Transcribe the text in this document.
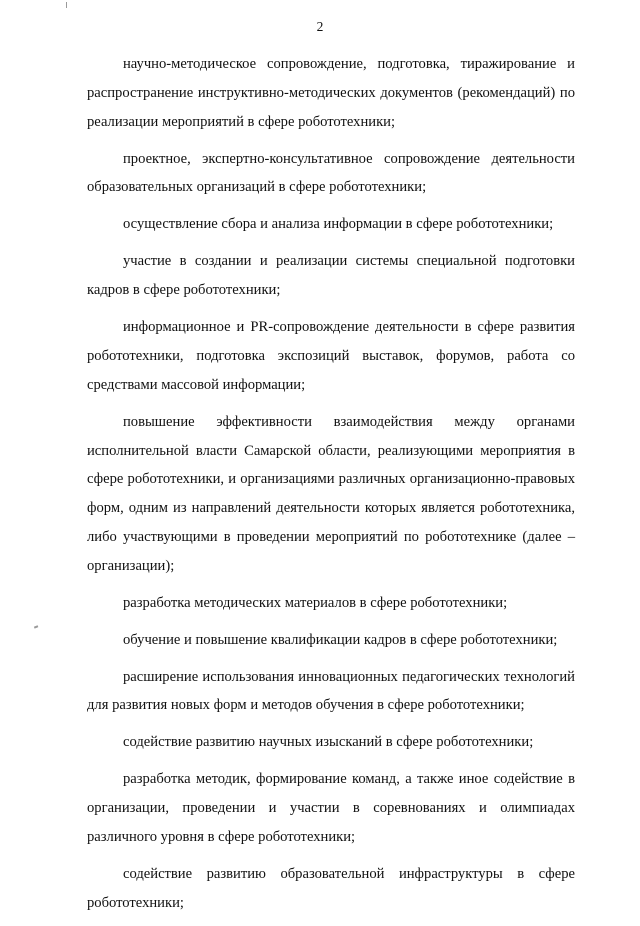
2

научно-методическое сопровождение, подготовка, тиражирование и распространение инструктивно-методических документов (рекомендаций) по реализации мероприятий в сфере робототехники;

проектное, экспертно-консультативное сопровождение деятельности образовательных организаций в сфере робототехники;

осуществление сбора и анализа информации в сфере робототехники;

участие в создании и реализации системы специальной подготовки кадров в сфере робототехники;

информационное и PR-сопровождение деятельности в сфере развития робототехники, подготовка экспозиций выставок, форумов, работа со средствами массовой информации;

повышение эффективности взаимодействия между органами исполнительной власти Самарской области, реализующими мероприятия в сфере робототехники, и организациями различных организационно-правовых форм, одним из направлений деятельности которых является робототехника, либо участвующими в проведении мероприятий по робототехнике (далее – организации);

разработка методических материалов в сфере робототехники;

обучение и повышение квалификации кадров в сфере робототехники;

расширение использования инновационных педагогических технологий для развития новых форм и методов обучения в сфере робототехники;

содействие развитию научных изысканий в сфере робототехники;

разработка методик, формирование команд, а также иное содействие в организации, проведении и участии в соревнованиях и олимпиадах различного уровня в сфере робототехники;

содействие развитию образовательной инфраструктуры в сфере робототехники;
